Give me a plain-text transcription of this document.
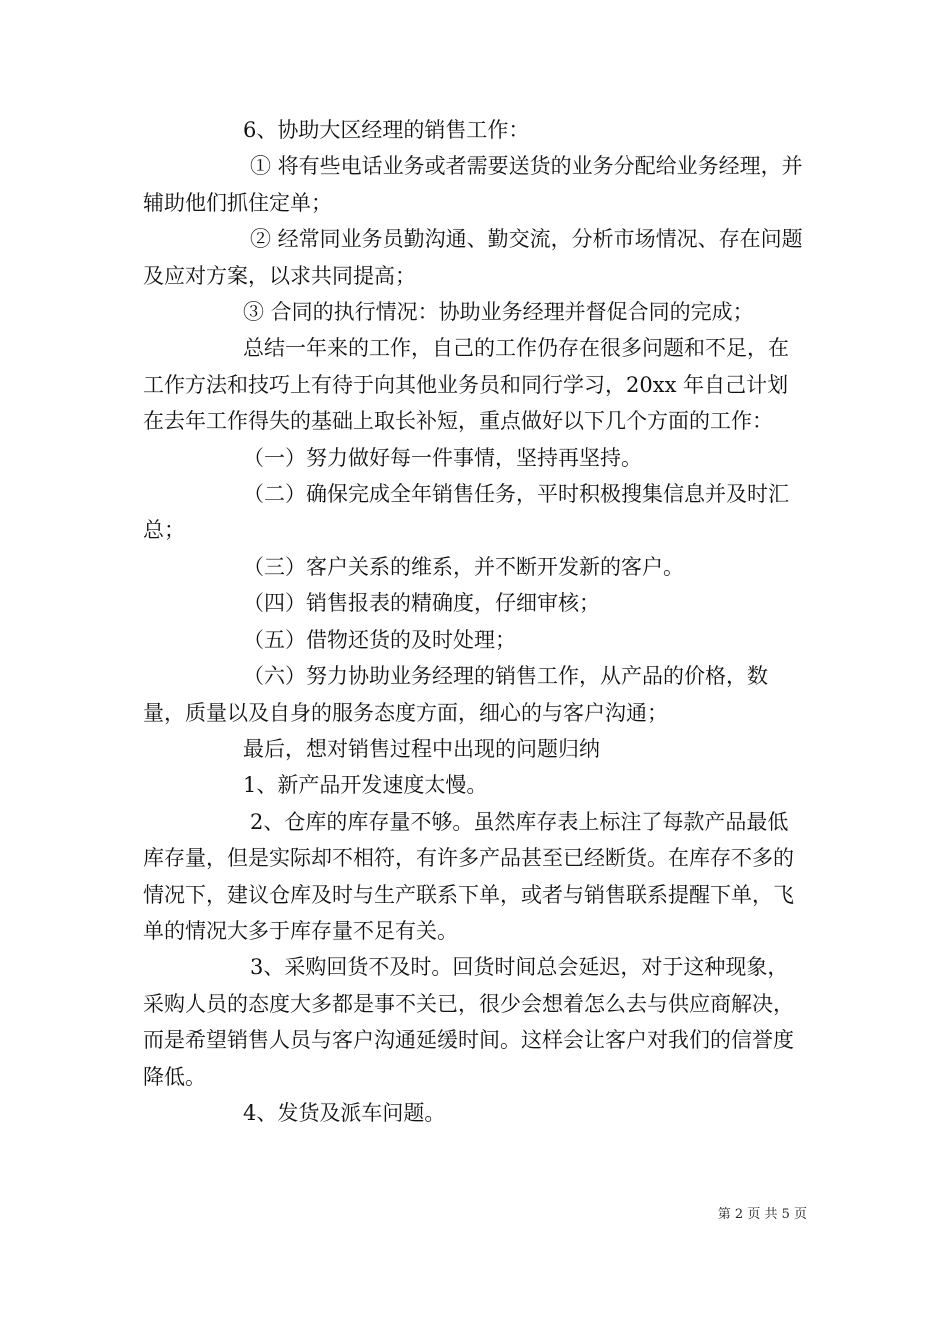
6、协助大区经理的销售工作：

① 将有些电话业务或者需要送货的业务分配给业务经理，并辅助他们抓住定单；

② 经常同业务员勤沟通、勤交流，分析市场情况、存在问题及应对方案，以求共同提高；

③ 合同的执行情况：协助业务经理并督促合同的完成；

总结一年来的工作，自己的工作仍存在很多问题和不足，在工作方法和技巧上有待于向其他业务员和同行学习，20xx 年自己计划在去年工作得失的基础上取长补短，重点做好以下几个方面的工作：

（一）努力做好每一件事情，坚持再坚持。

（二）确保完成全年销售任务，平时积极搜集信息并及时汇总；

（三）客户关系的维系，并不断开发新的客户。

（四）销售报表的精确度，仔细审核；

（五）借物还货的及时处理；

（六）努力协助业务经理的销售工作，从产品的价格，数量，质量以及自身的服务态度方面，细心的与客户沟通；

最后，想对销售过程中出现的问题归纳

1、新产品开发速度太慢。

2、仓库的库存量不够。虽然库存表上标注了每款产品最低库存量，但是实际却不相符，有许多产品甚至已经断货。在库存不多的情况下，建议仓库及时与生产联系下单，或者与销售联系提醒下单，飞单的情况大多于库存量不足有关。

3、采购回货不及时。回货时间总会延迟，对于这种现象，采购人员的态度大多都是事不关已，很少会想着怎么去与供应商解决，而是希望销售人员与客户沟通延缓时间。这样会让客户对我们的信誉度降低。

4、发货及派车问题。

第 2 页 共 5 页
